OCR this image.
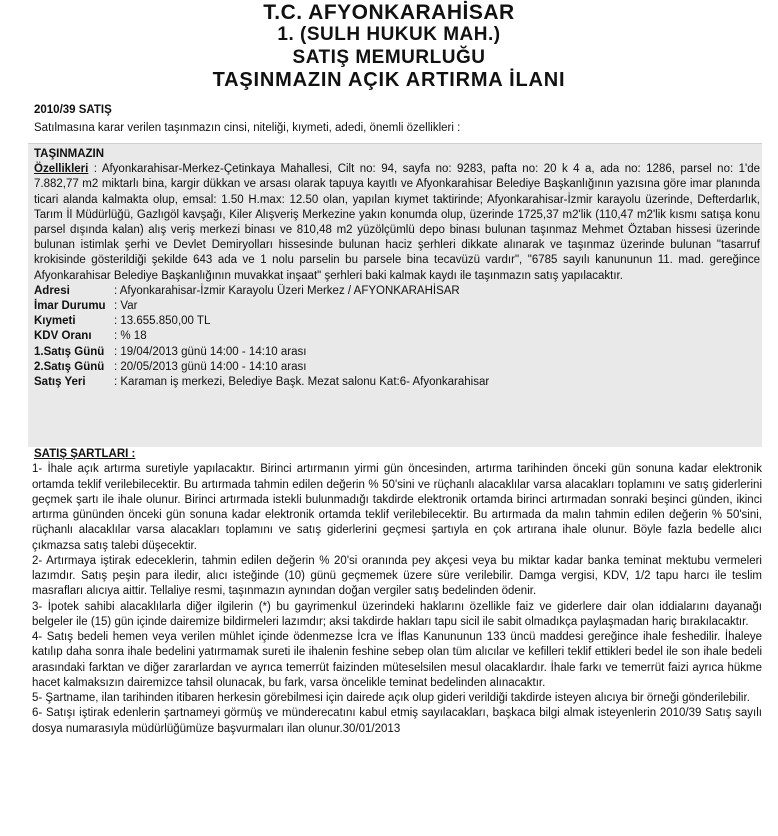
T.C. AFYONKARAHİSAR
1. (SULH HUKUK MAH.)
SATIŞ MEMURLUĞU
TAŞINMAZIN AÇIK ARTIRMA İLANI
2010/39 SATIŞ
Satılmasına karar verilen taşınmazın cinsi, niteliği, kıymeti, adedi, önemli özellikleri :
TAŞINMAZIN
Özellikleri : Afyonkarahisar-Merkez-Çetinkaya Mahallesi, Cilt no: 94, sayfa no: 9283, pafta no: 20 k 4 a, ada no: 1286, parsel no: 1'de 7.882,77 m2 miktarlı bina, kargir dükkan ve arsası olarak tapuya kayıtlı ve Afyonkarahisar Belediye Başkanlığının yazısına göre imar planında ticari alanda kalmakta olup, emsal: 1.50 H.max: 12.50 olan, yapılan kıymet taktirinde; Afyonkarahisar-İzmir karayolu üzerinde, Defterdarlık, Tarım İl Müdürlüğü, Gazlıgöl kavşağı, Kiler Alışveriş Merkezine yakın konumda olup, üzerinde 1725,37 m2'lik (110,47 m2'lik kısmı satışa konu parsel dışında kalan) alış veriş merkezi binası ve 810,48 m2 yüzölçümlü depo binası bulunan taşınmaz Mehmet Öztaban hissesi üzerinde bulunan istimlak şerhi ve Devlet Demiryolları hissesinde bulunan haciz şerhleri dikkate alınarak ve taşınmaz üzerinde bulunan "tasarruf krokisinde gösterildiği şekilde 643 ada ve 1 nolu parselin bu parsele bina tecavüzü vardır", "6785 sayılı kanununun 11. mad. gereğince Afyonkarahisar Belediye Başkanlığının muvakkat inşaat" şerhleri baki kalmak kaydı ile taşınmazın satış yapılacaktır.
Adresi	: Afyonkarahisar-İzmir Karayolu Üzeri Merkez / AFYONKARAHİSAR
İmar Durumu : Var
Kıymeti	: 13.655.850,00 TL
KDV Oranı	: % 18
1.Satış Günü : 19/04/2013 günü 14:00 - 14:10 arası
2.Satış Günü : 20/05/2013 günü 14:00 - 14:10 arası
Satış Yeri	: Karaman iş merkezi, Belediye Başk. Mezat salonu Kat:6- Afyonkarahisar
SATIŞ ŞARTLARI :

1- İhale açık artırma suretiyle yapılacaktır. Birinci artırmanın yirmi gün öncesinden, artırma tarihinden önceki gün sonuna kadar elektronik ortamda teklif verilebilecektir. Bu artırmada tahmin edilen değerin % 50'sini ve rüçhanlı alacaklılar varsa alacakları toplamını ve satış giderlerini geçmek şartı ile ihale olunur. Birinci artırmada istekli bulunmadığı takdirde elektronik ortamda birinci artırmadan sonraki beşinci günden, ikinci artırma gününden önceki gün sonuna kadar elektronik ortamda teklif verilebilecektir. Bu artırmada da malın tahmin edilen değerin % 50'sini, rüçhanlı alacaklılar varsa alacakları toplamını ve satış giderlerini geçmesi şartıyla en çok artırana ihale olunur. Böyle fazla bedelle alıcı çıkmazsa satış talebi düşecektir.

2- Artırmaya iştirak edeceklerin, tahmin edilen değerin % 20'si oranında pey akçesi veya bu miktar kadar banka teminat mektubu vermeleri lazımdır. Satış peşin para iledir, alıcı isteğinde (10) günü geçmemek üzere süre verilebilir. Damga vergisi, KDV, 1/2 tapu harcı ile teslim masrafları alıcıya aittir. Tellaliye resmi, taşınmazın aynından doğan vergiler satış bedelinden ödenir.

3- İpotek sahibi alacaklılarla diğer ilgilerin (*) bu gayrimenkul üzerindeki haklarını özellikle faiz ve giderlere dair olan iddialarını dayanağı belgeler ile (15) gün içinde dairemize bildirmeleri lazımdır; aksi takdirde hakları tapu sicil ile sabit olmadıkça paylaşmadan hariç bırakılacaktır.

4- Satış bedeli hemen veya verilen mühlet içinde ödenmezse İcra ve İflas Kanununun 133 üncü maddesi gereğince ihale feshedilir. İhaleye katılıp daha sonra ihale bedelini yatırmamak sureti ile ihalenin feshine sebep olan tüm alıcılar ve kefilleri teklif ettikleri bedel ile son ihale bedeli arasındaki farktan ve diğer zararlardan ve ayrıca temerrüt faizinden müteselsilen mesul olacaklardır. İhale farkı ve temerrüt faizi ayrıca hükme hacet kalmaksızın dairemizce tahsil olunacak, bu fark, varsa öncelikle teminat bedelinden alınacaktır.

5- Şartname, ilan tarihinden itibaren herkesin görebilmesi için dairede açık olup gideri verildiği takdirde isteyen alıcıya bir örneği gönderilebilir.

6- Satışı iştirak edenlerin şartnameyi görmüş ve münderecatını kabul etmiş sayılacakları, başkaca bilgi almak isteyenlerin 2010/39 Satış sayılı dosya numarasıyla müdürlüğümüze başvurmaları ilan olunur.30/01/2013
